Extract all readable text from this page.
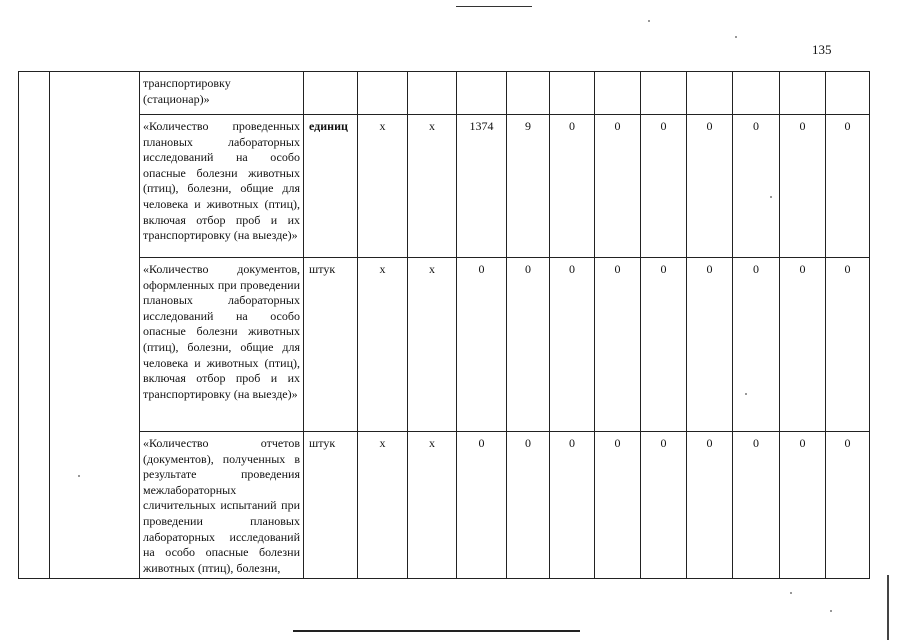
135
		транспортировку (стационар)»												
		«Количество проведенных плановых лабораторных исследований на особо опасные болезни животных (птиц), болезни, общие для человека и животных (птиц), включая отбор проб и их транспортировку (на выезде)»	единиц	х	х	1374	9	0	0	0	0	0	0	0
		«Количество документов, оформленных при проведении плановых лабораторных исследований на особо опасные болезни животных (птиц), болезни, общие для человека и животных (птиц), включая отбор проб и их транспортировку (на выезде)»	штук	х	х	0	0	0	0	0	0	0	0	0
		«Количество отчетов (документов), полученных в результате проведения межлабораторных сличительных испытаний при проведении плановых лабораторных исследований на особо опасные болезни животных (птиц), болезни,	штук	х	х	0	0	0	0	0	0	0	0	0
